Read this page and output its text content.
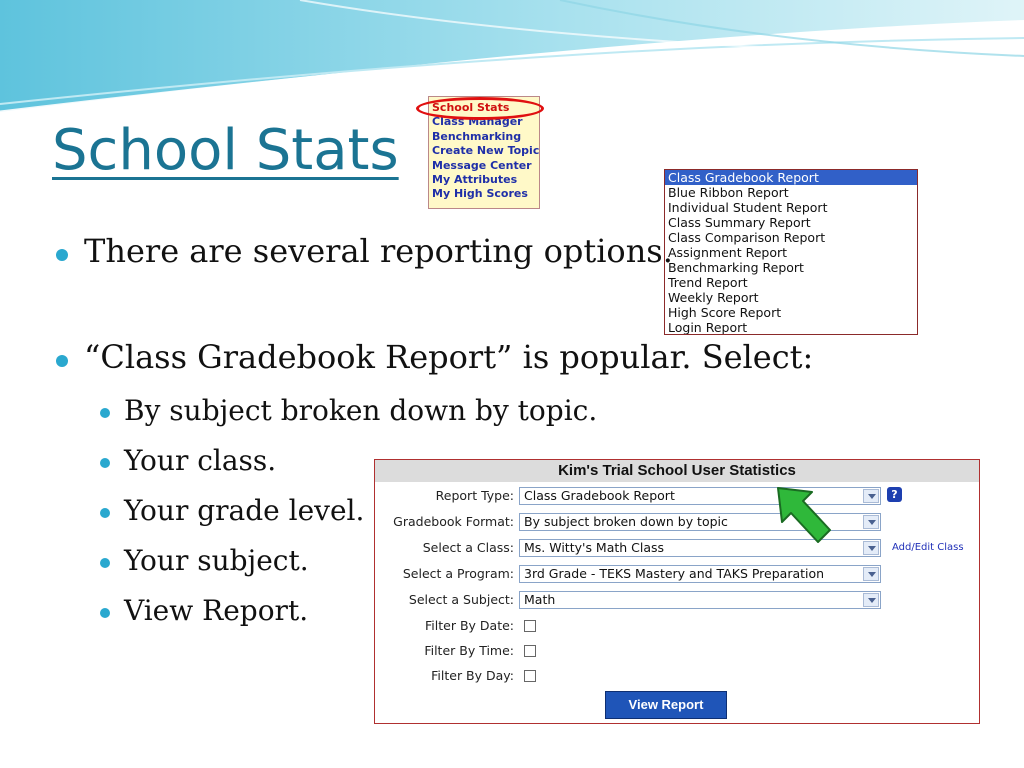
School Stats
School Stats
Class Manager
Benchmarking
Create New Topic
Message Center
My Attributes
My High Scores
Class Gradebook Report
Blue Ribbon Report
Individual Student Report
Class Summary Report
Class Comparison Report
Assignment Report
Benchmarking Report
Trend Report
Weekly Report
High Score Report
Login Report
There are several reporting options.
“Class Gradebook Report” is popular. Select:
By subject broken down by topic.
Your class.
Your grade level.
Your subject.
View Report.
Kim's Trial School User Statistics
Report Type: Class Gradebook Report	?
Gradebook Format: By subject broken down by topic
Select a Class: Ms. Witty's Math Class	Add/Edit Class
Select a Program: 3rd Grade - TEKS Mastery and TAKS Preparation
Select a Subject: Math
Filter By Date:
Filter By Time:
Filter By Day:
View Report
